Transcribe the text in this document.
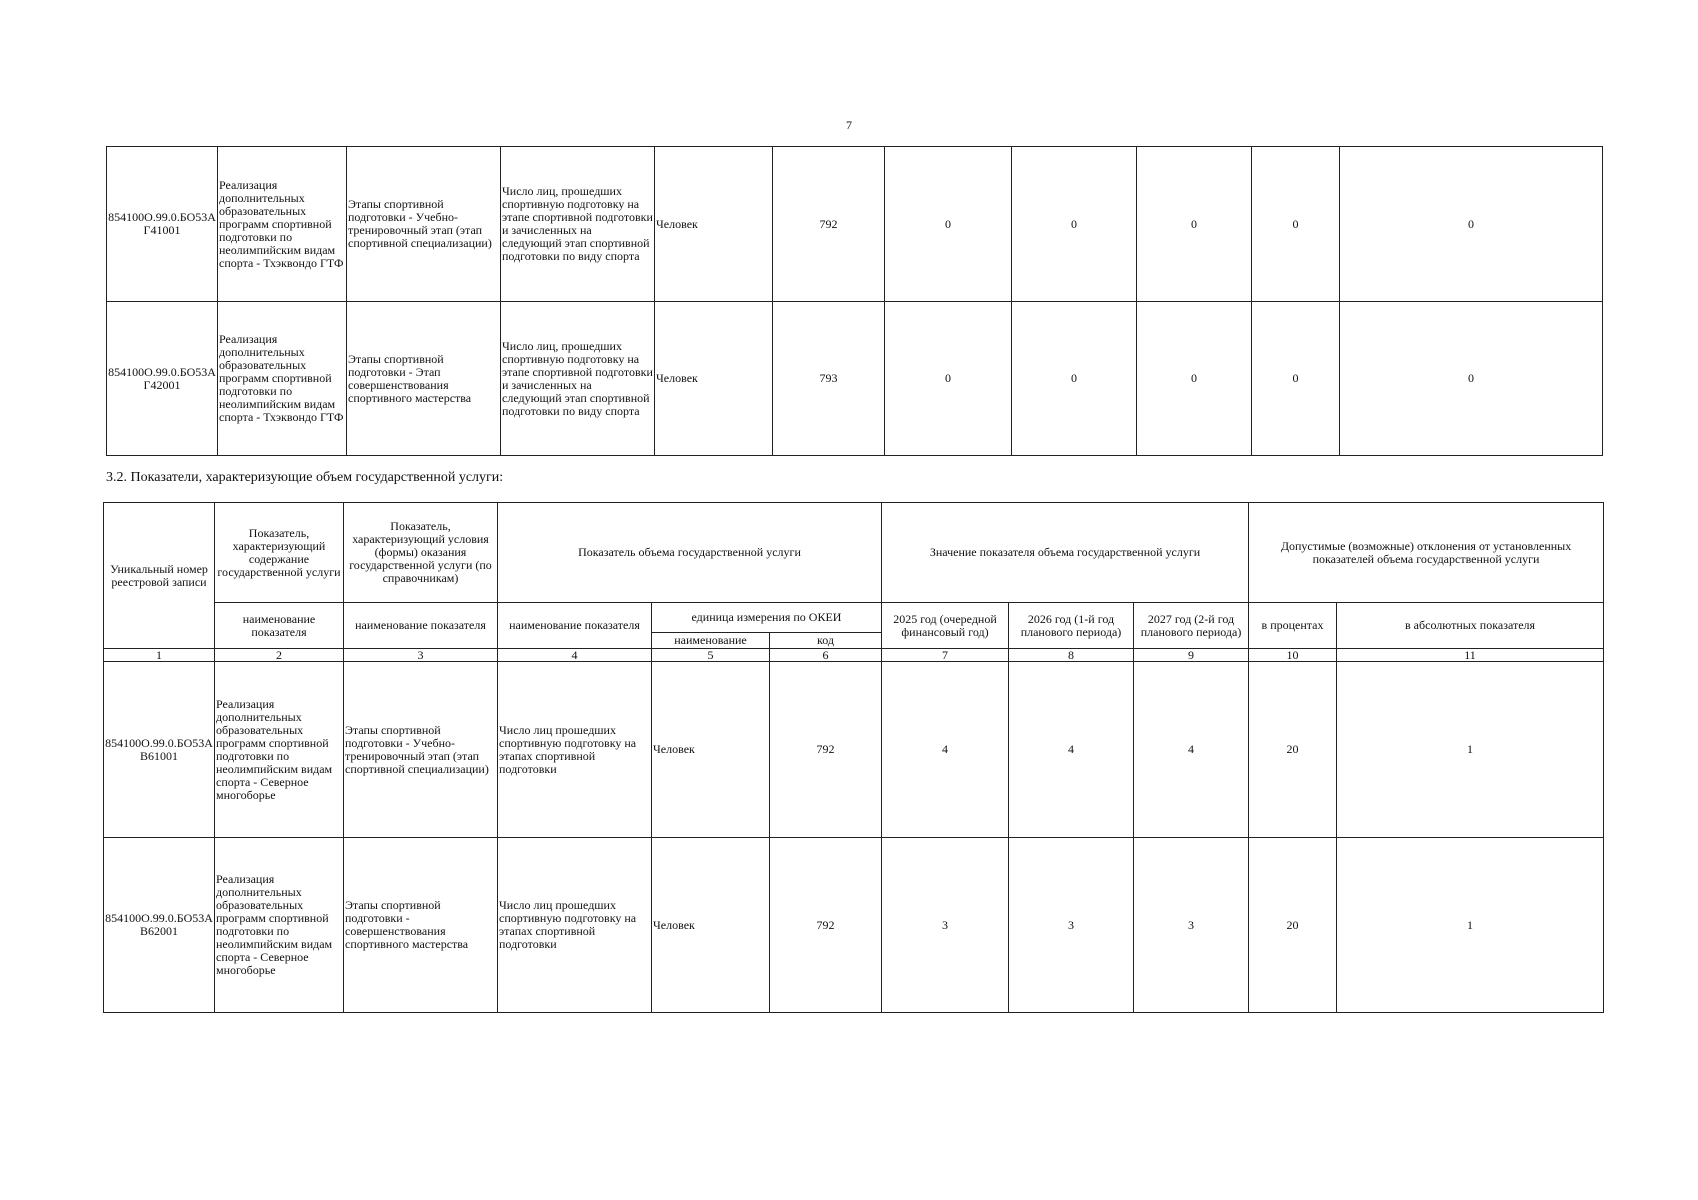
7
854100О.99.0.БО53АГ41001	Реализация дополнительных образовательных программ спортивной подготовки по неолимпийским видам спорта - Тхэквондо ГТФ	Этапы спортивной подготовки - Учебно-тренировочный этап (этап спортивной специализации)	Число лиц, прошедших спортивную подготовку на этапе спортивной подготовки и зачисленных на следующий этап спортивной подготовки по виду спорта	Человек	792	0	0	0	0	0
854100О.99.0.БО53АГ42001	Реализация дополнительных образовательных программ спортивной подготовки по неолимпийским видам спорта - Тхэквондо ГТФ	Этапы спортивной подготовки - Этап совершенствования спортивного мастерства	Число лиц, прошедших спортивную подготовку на этапе спортивной подготовки и зачисленных на следующий этап спортивной подготовки по виду спорта	Человек	793	0	0	0	0	0
3.2. Показатели, характеризующие объем государственной услуги:
Уникальный номер реестровой записи	Показатель, характеризующий содержание государственной услуги	Показатель, характеризующий условия (формы) оказания государственной услуги (по справочникам)	Показатель объема государственной услуги			Значение показателя объема государственной услуги			Допустимые (возможные) отклонения от установленных показателей объема государственной услуги	
	наименование показателя	наименование показателя	наименование показателя	единица измерения по ОКЕИ		2025 год (очередной финансовый год)	2026 год (1-й год планового периода)	2027 год (2-й год планового периода)	в процентах	в абсолютных показателя
				наименование	код					
1	2	3	4	5	6	7	8	9	10	11
854100О.99.0.БО53АВ61001	Реализация дополнительных образовательных программ спортивной подготовки по неолимпийским видам спорта - Северное многоборье	Этапы спортивной подготовки - Учебно-тренировочный этап (этап спортивной специализации)	Число лиц прошедших спортивную подготовку на этапах спортивной подготовки	Человек	792	4	4	4	20	1
854100О.99.0.БО53АВ62001	Реализация дополнительных образовательных программ спортивной подготовки по неолимпийским видам спорта - Северное многоборье	Этапы спортивной подготовки - совершенствования спортивного мастерства	Число лиц прошедших спортивную подготовку на этапах спортивной подготовки	Человек	792	3	3	3	20	1
